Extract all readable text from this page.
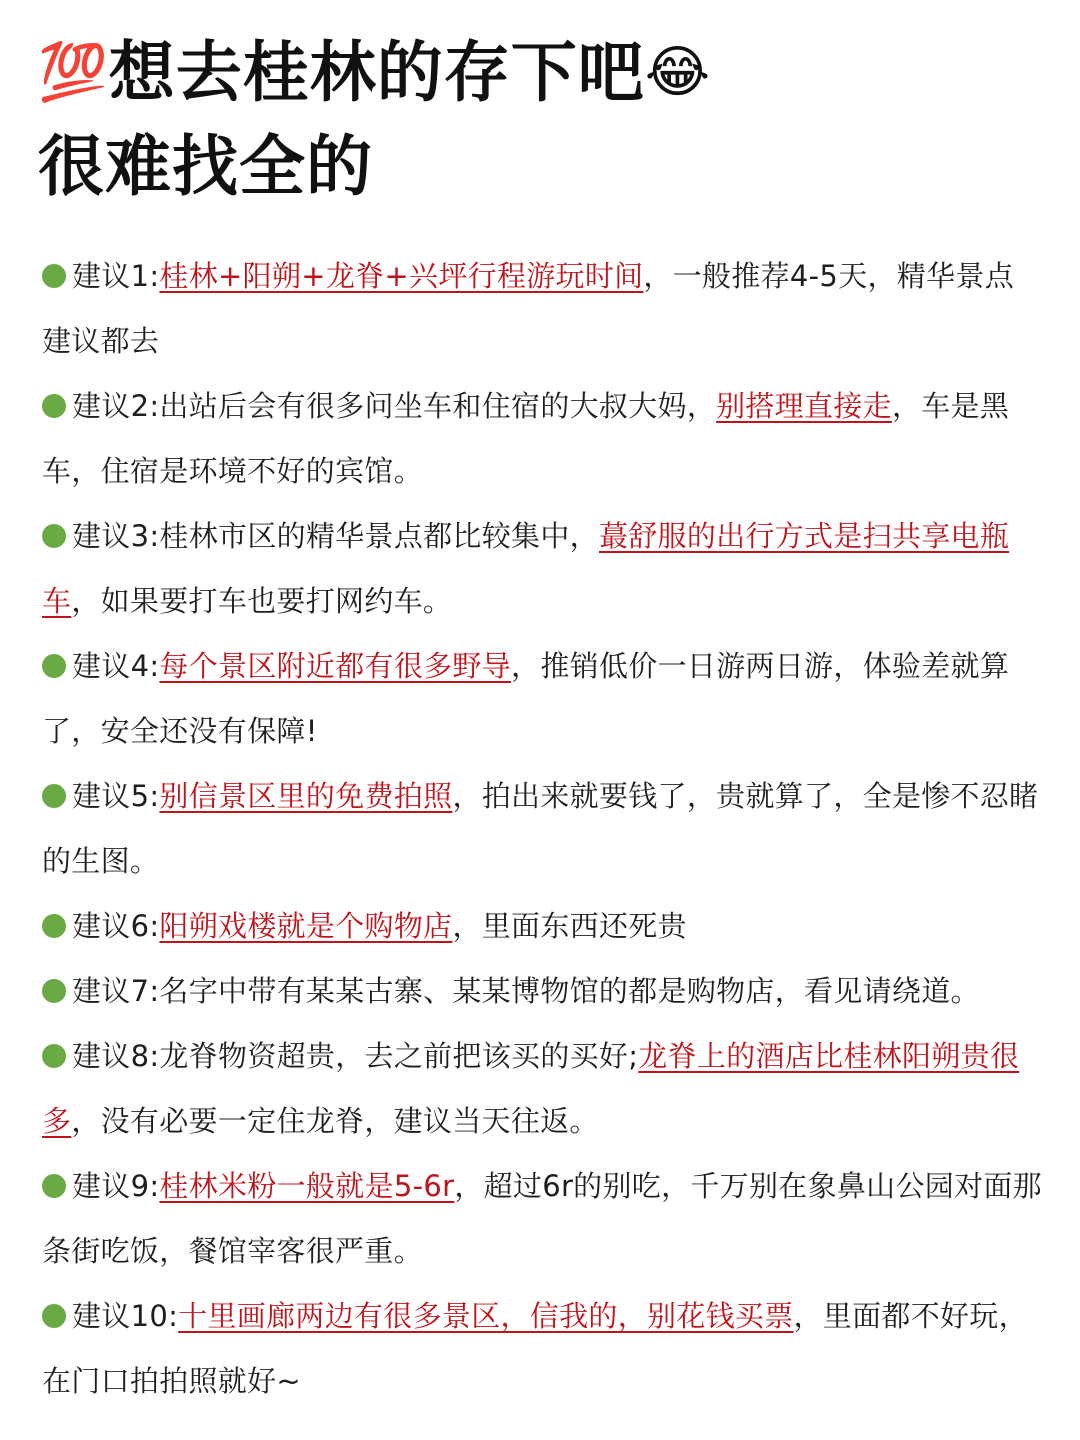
💯想去桂林的存下吧😂
很难找全的
建议1:桂林+阳朔+龙脊+兴坪行程游玩时间，一般推荐4-5天，精华景点建议都去
建议2:出站后会有很多问坐车和住宿的大叔大妈，别搭理直接走，车是黑车，住宿是环境不好的宾馆。
建议3:桂林市区的精华景点都比较集中，蕞舒服的出行方式是扫共享电瓶车，如果要打车也要打网约车。
建议4:每个景区附近都有很多野导，推销低价一日游两日游，体验差就算了，安全还没有保障!
建议5:别信景区里的免费拍照，拍出来就要钱了，贵就算了，全是惨不忍睹的生图。
建议6:阳朔戏楼就是个购物店，里面东西还死贵
建议7:名字中带有某某古寨、某某博物馆的都是购物店，看见请绕道。
建议8:龙脊物资超贵，去之前把该买的买好;龙脊上的酒店比桂林阳朔贵很多，没有必要一定住龙脊，建议当天往返。
建议9:桂林米粉一般就是5-6r，超过6r的别吃，千万别在象鼻山公园对面那条街吃饭，餐馆宰客很严重。
建议10:十里画廊两边有很多景区，信我的，别花钱买票，里面都不好玩，在门口拍拍照就好~
